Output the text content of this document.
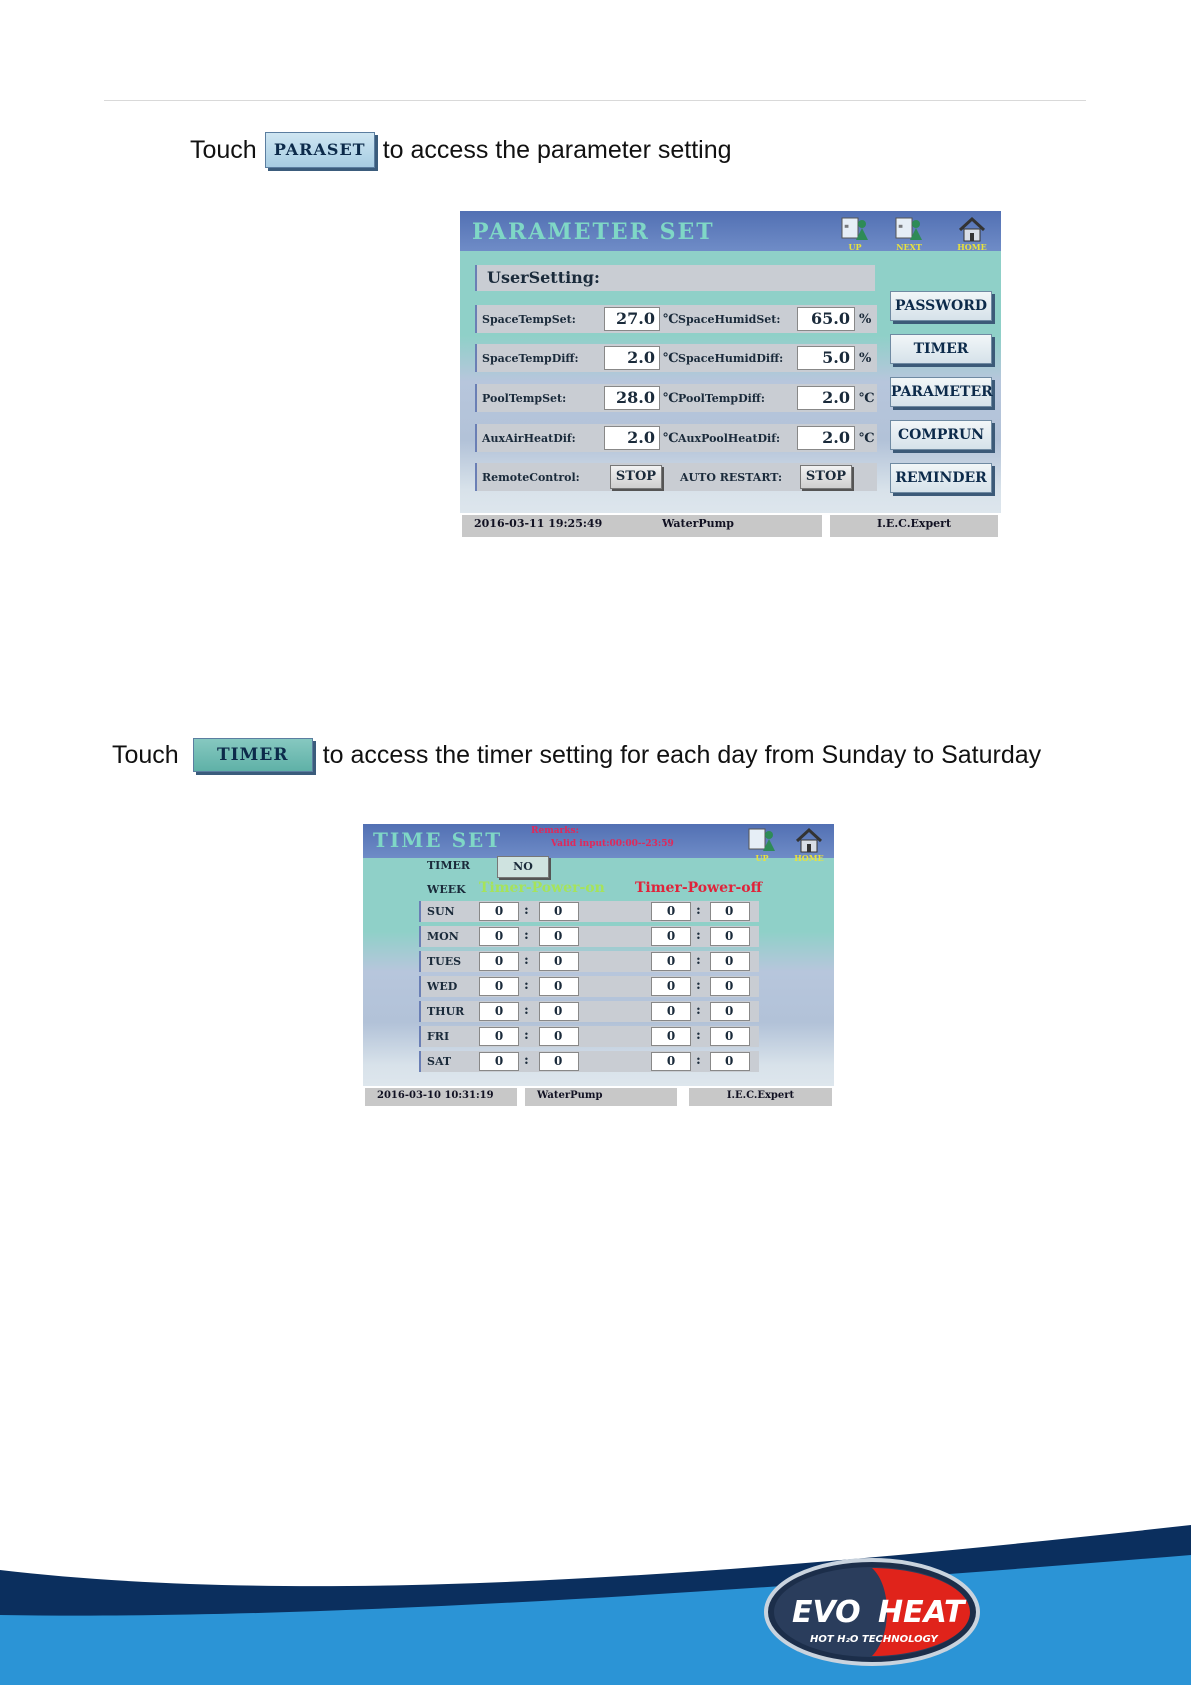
Touch	PARASET to access the parameter setting
PARAMETER SET	≡
UP
≡
NEXT	HOME
UserSetting:
SpaceTempSet:	27.0 ℃ SpaceHumidSet:	65.0 %
SpaceTempDiff:	2.0 ℃ SpaceHumidDiff:	5.0 %
PoolTempSet:	28.0 ℃ PoolTempDiff:	2.0 ℃
AuxAirHeatDif:	2.0 ℃ AuxPoolHeatDif:	2.0 ℃
RemoteControl:	STOP	AUTO RESTART:	STOP
PASSWORD
TIMER
PARAMETER
COMPRUN
REMINDER
2016-03-11 19:25:49	WaterPump	I.E.C.Expert
Touch	TIMER	to access the timer setting for each day from Sunday to Saturday
TIME SET	Remarks:
Valid input:00:00--23:59
UP	HOME
TIMER	NO
WEEK Timer-Power-on Timer-Power-off
SUN	0	:	0	0	:	0
MON	0	:	0	0	:	0
TUES	0	:	0	0	:	0
WED	0	:	0	0	:	0
THUR	0	:	0	0	:	0
FRI	0	:	0	0	:	0
SAT	0	:	0	0	:	0
2016-03-10 10:31:19	WaterPump	I.E.C.Expert
EVO HEAT
HOT H₂O TECHNOLOGY
